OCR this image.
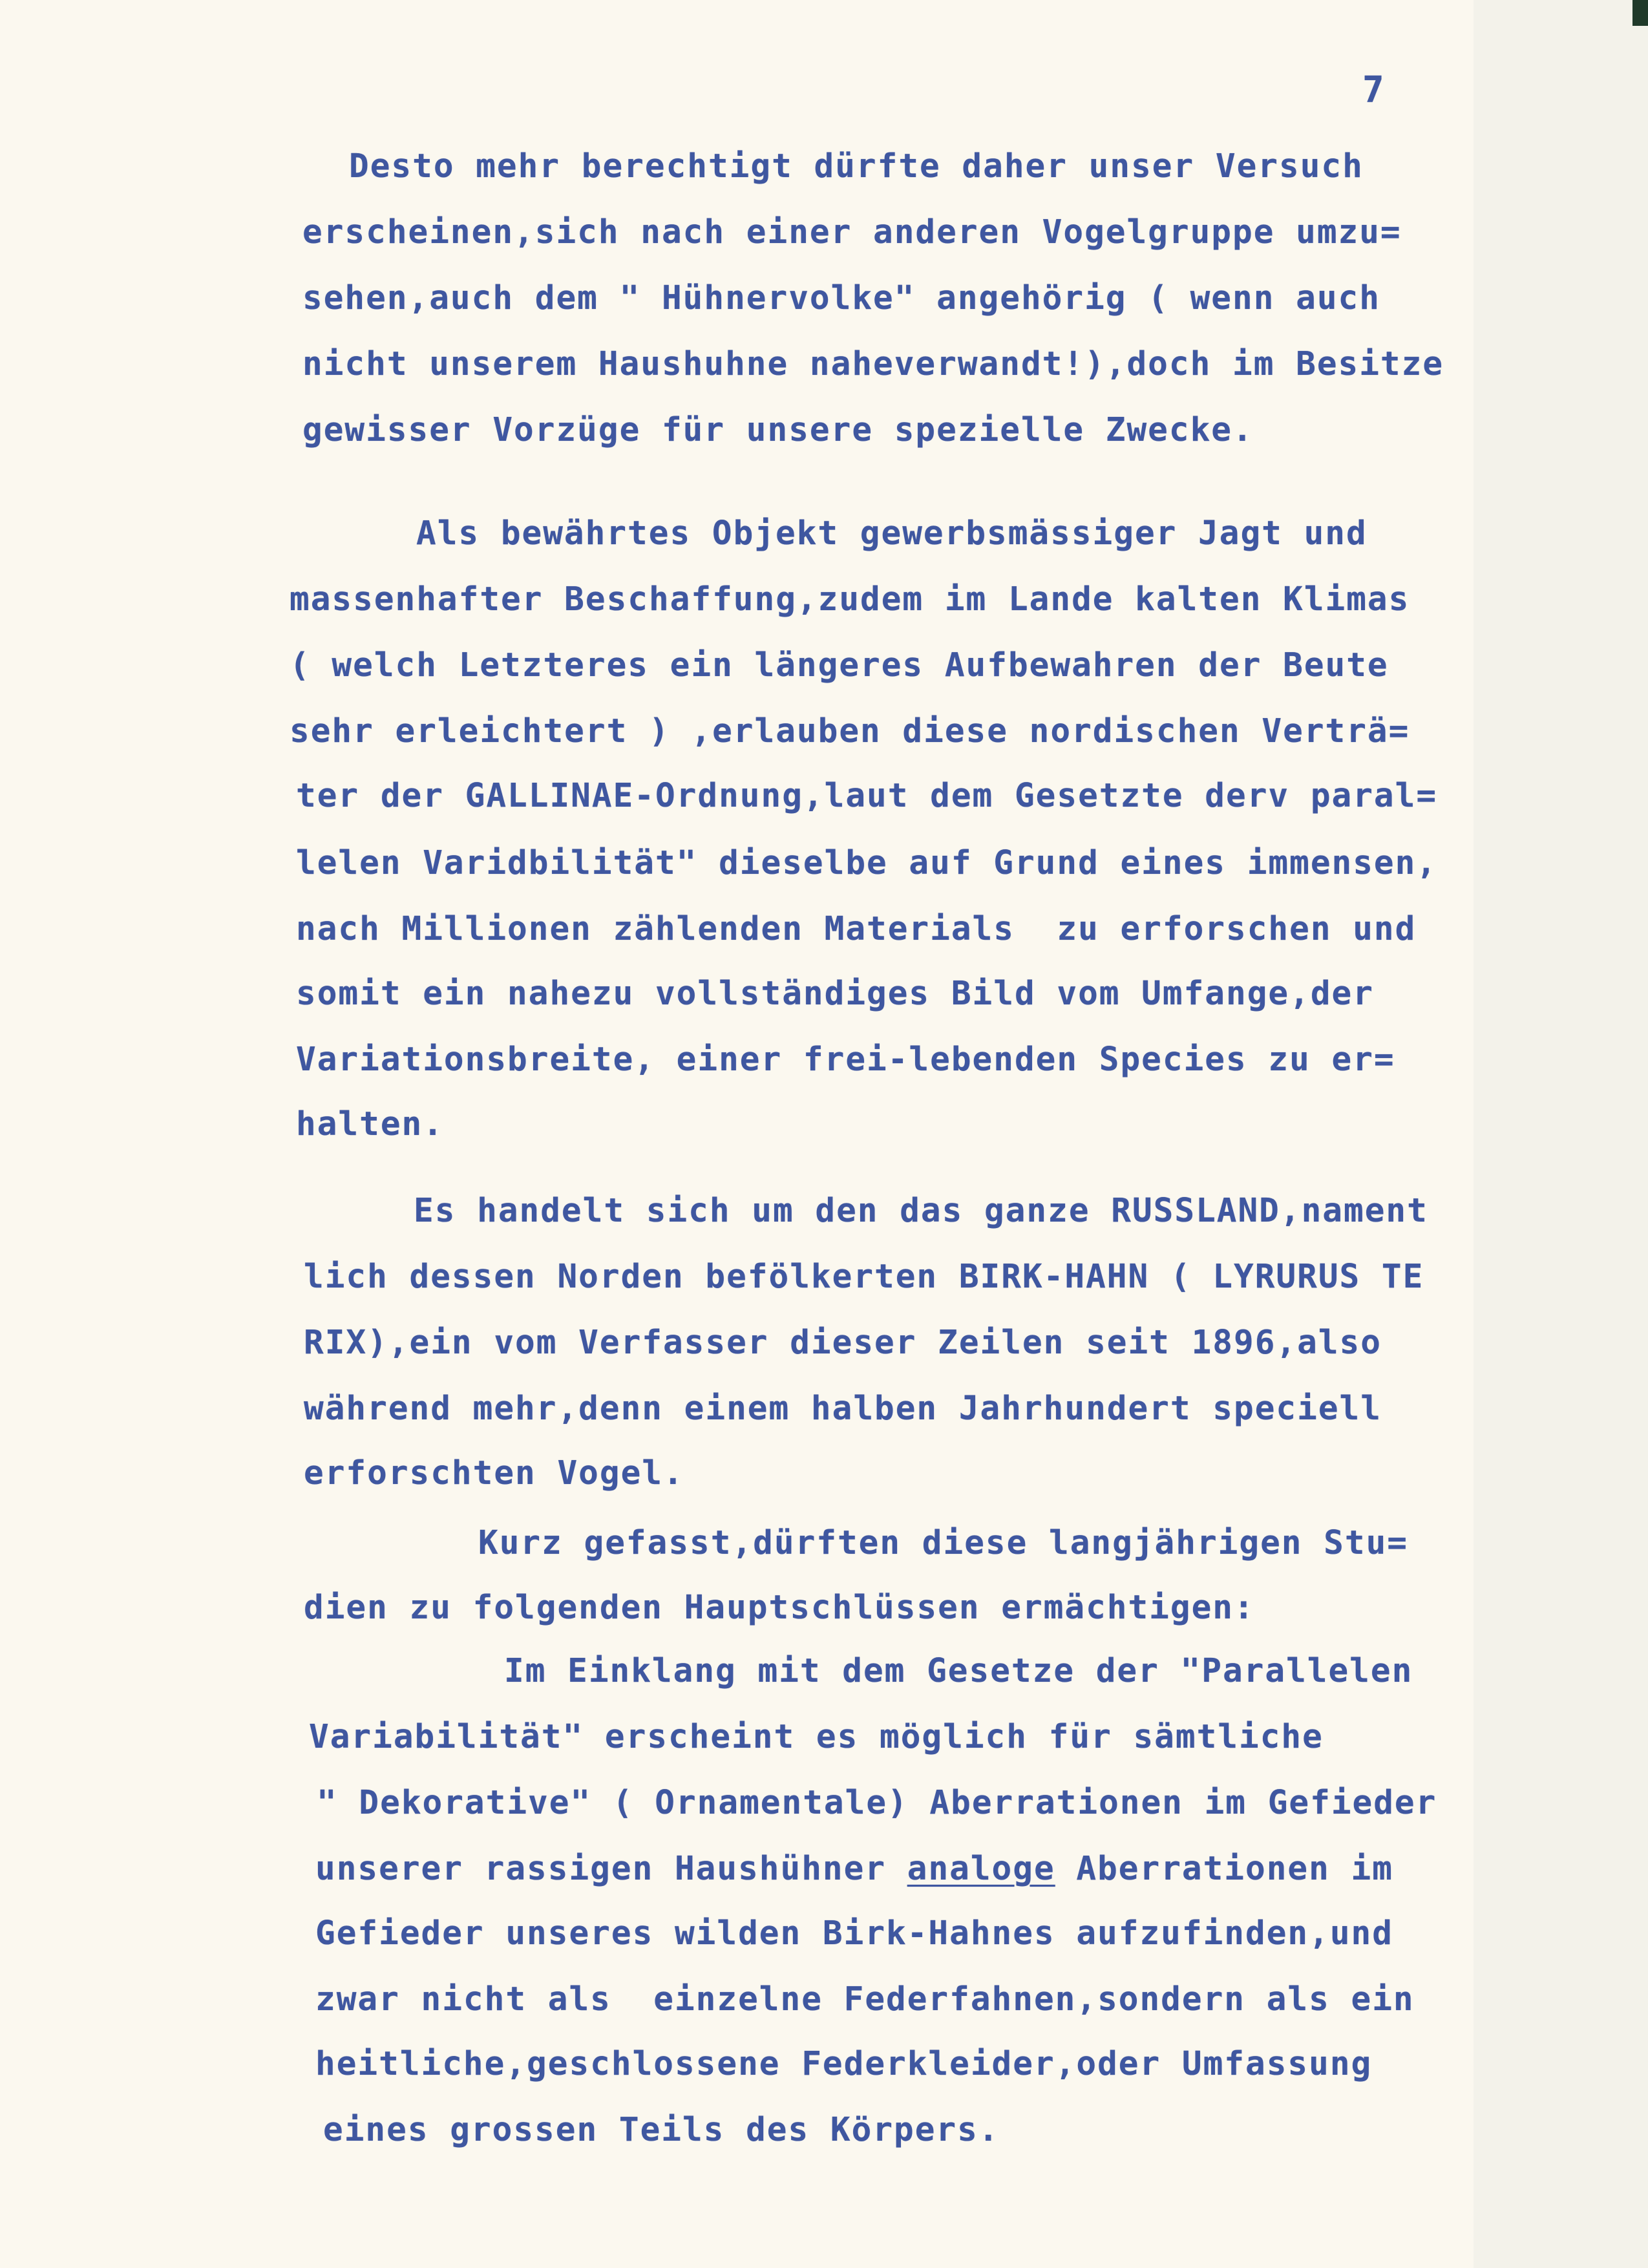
7
Desto mehr berechtigt dürfte daher unser Versuch
erscheinen,sich nach einer anderen Vogelgruppe umzu=
sehen,auch dem " Hühnervolke" angehörig ( wenn auch
nicht unserem Haushuhne naheverwandt!),doch im Besitze
gewisser Vorzüge für unsere spezielle Zwecke.
Als bewährtes Objekt gewerbsmässiger Jagt und
massenhafter Beschaffung,zudem im Lande kalten Klimas
( welch Letzteres ein längeres Aufbewahren der Beute
sehr erleichtert ) ,erlauben diese nordischen Verträ=
ter der GALLINAE-Ordnung,laut dem Gesetzte derv paral=
lelen Varidbilität" dieselbe auf Grund eines immensen,
nach Millionen zählenden Materials  zu erforschen und
somit ein nahezu vollständiges Bild vom Umfange,der
Variationsbreite, einer frei-lebenden Species zu er=
halten.
Es handelt sich um den das ganze RUSSLAND,nament
lich dessen Norden befölkerten BIRK-HAHN ( LYRURUS TE
RIX),ein vom Verfasser dieser Zeilen seit 1896,also
während mehr,denn einem halben Jahrhundert speciell
erforschten Vogel.
Kurz gefasst,dürften diese langjährigen Stu=
dien zu folgenden Hauptschlüssen ermächtigen:
Im Einklang mit dem Gesetze der "Parallelen
Variabilität" erscheint es möglich für sämtliche
" Dekorative" ( Ornamentale) Aberrationen im Gefieder
unserer rassigen Haushühner analoge Aberrationen im
Gefieder unseres wilden Birk-Hahnes aufzufinden,und
zwar nicht als  einzelne Federfahnen,sondern als ein
heitliche,geschlossene Federkleider,oder Umfassung
eines grossen Teils des Körpers.
